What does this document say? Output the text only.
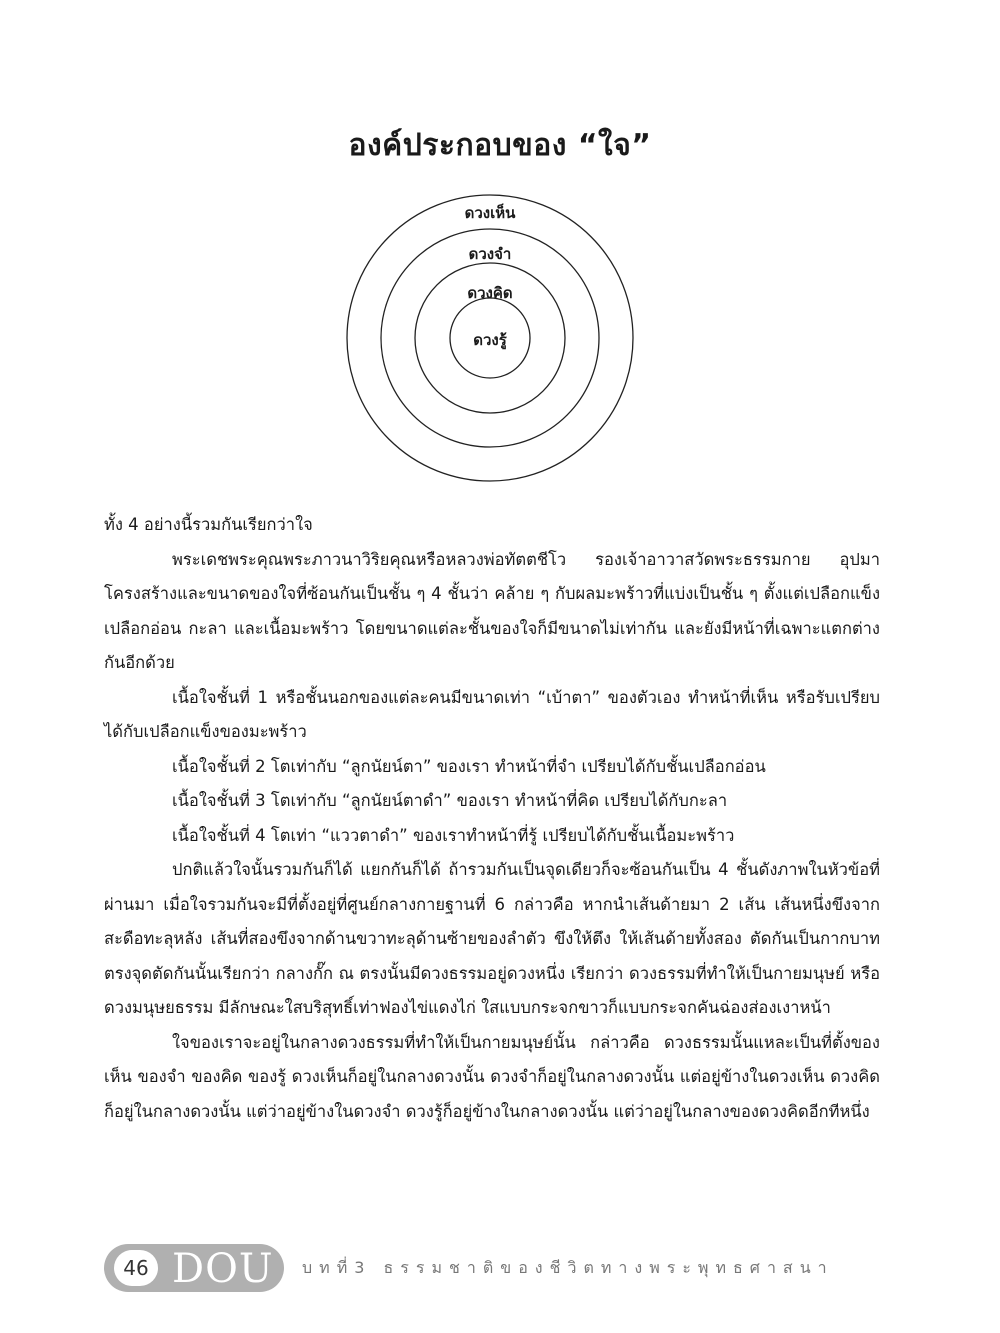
องค์ประกอบของ “ใจ”
ดวงเห็น
ดวงจำ
ดวงคิด
ดวงรู้

ทั้ง 4 อย่างนี้รวมกันเรียกว่าใจ

พระเดชพระคุณพระภาวนาวิริยคุณหรือหลวงพ่อทัตตชีโว รองเจ้าอาวาสวัดพระธรรมกาย อุปมาโครงสร้างและขนาดของใจที่ซ้อนกันเป็นชั้น ๆ 4 ชั้นว่า คล้าย ๆ กับผลมะพร้าวที่แบ่งเป็นชั้น ๆ ตั้งแต่เปลือกแข็ง เปลือกอ่อน กะลา และเนื้อมะพร้าว โดยขนาดแต่ละชั้นของใจก็มีขนาดไม่เท่ากัน และยังมีหน้าที่เฉพาะแตกต่างกันอีกด้วย

เนื้อใจชั้นที่ 1 หรือชั้นนอกของแต่ละคนมีขนาดเท่า “เบ้าตา” ของตัวเอง ทำหน้าที่เห็น หรือรับเปรียบได้กับเปลือกแข็งของมะพร้าว

เนื้อใจชั้นที่ 2 โตเท่ากับ “ลูกนัยน์ตา” ของเรา ทำหน้าที่จำ เปรียบได้กับชั้นเปลือกอ่อน

เนื้อใจชั้นที่ 3 โตเท่ากับ “ลูกนัยน์ตาดำ” ของเรา ทำหน้าที่คิด เปรียบได้กับกะลา

เนื้อใจชั้นที่ 4 โตเท่า “แววตาดำ” ของเราทำหน้าที่รู้ เปรียบได้กับชั้นเนื้อมะพร้าว

ปกติแล้วใจนั้นรวมกันก็ได้ แยกกันก็ได้ ถ้ารวมกันเป็นจุดเดียวก็จะซ้อนกันเป็น 4 ชั้นดังภาพในหัวข้อที่ผ่านมา เมื่อใจรวมกันจะมีที่ตั้งอยู่ที่ศูนย์กลางกายฐานที่ 6 กล่าวคือ หากนำเส้นด้ายมา 2 เส้น เส้นหนึ่งขึงจากสะดือทะลุหลัง เส้นที่สองขึงจากด้านขวาทะลุด้านซ้ายของลำตัว ขึงให้ตึง ให้เส้นด้ายทั้งสอง ตัดกันเป็นกากบาท ตรงจุดตัดกันนั้นเรียกว่า กลางกั๊ก ณ ตรงนั้นมีดวงธรรมอยู่ดวงหนึ่ง เรียกว่า ดวงธรรมที่ทำให้เป็นกายมนุษย์ หรือ ดวงมนุษยธรรม มีลักษณะใสบริสุทธิ์เท่าฟองไข่แดงไก่ ใสแบบกระจกขาวก็แบบกระจกคันฉ่องส่องเงาหน้า

ใจของเราจะอยู่ในกลางดวงธรรมที่ทำให้เป็นกายมนุษย์นั้น กล่าวคือ ดวงธรรมนั้นแหละเป็นที่ตั้งของเห็น ของจำ ของคิด ของรู้ ดวงเห็นก็อยู่ในกลางดวงนั้น ดวงจำก็อยู่ในกลางดวงนั้น แต่อยู่ข้างในดวงเห็น ดวงคิดก็อยู่ในกลางดวงนั้น แต่ว่าอยู่ข้างในดวงจำ ดวงรู้ก็อยู่ข้างในกลางดวงนั้น แต่ว่าอยู่ในกลางของดวงคิดอีกทีหนึ่ง

46 DOU บทที่3 ธรรมชาติของชีวิตทางพระพุทธศาสนา
